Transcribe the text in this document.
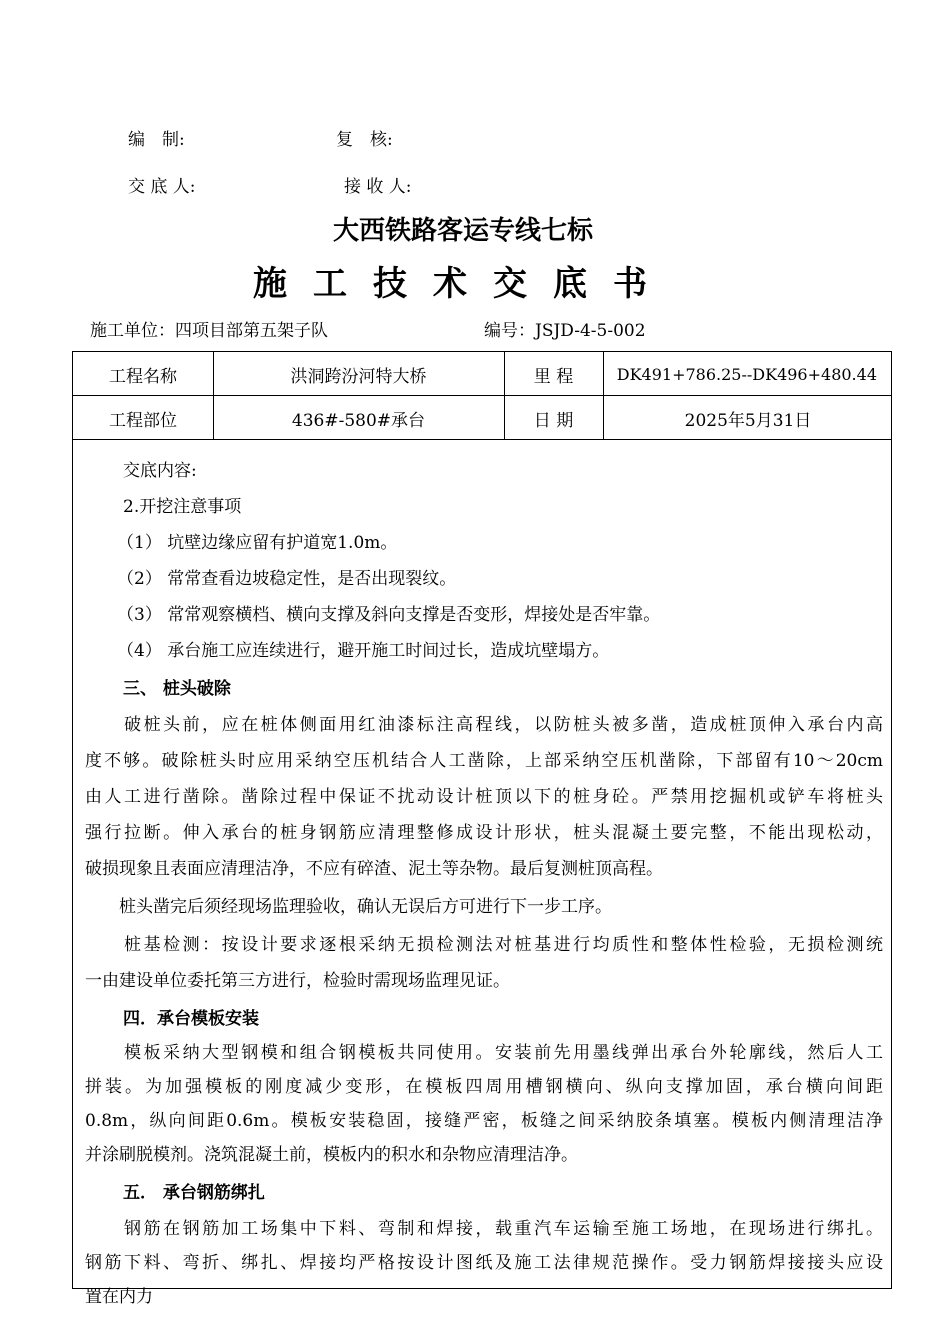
编　制:	复　核:
交 底 人:	接 收 人:
大西铁路客运专线七标
施工技术交底书
施工单位：四项目部第五架子队	编号：JSJD-4-5-002
工程名称	洪洞跨汾河特大桥	里 程	DK491+786.25--DK496+480.44
工程部位	436#-580#承台	日 期	2025年5月31日
交底内容:
2.开挖注意事项
（1） 坑壁边缘应留有护道宽1.0m。
（2） 常常查看边坡稳定性，是否出现裂纹。
（3） 常常观察横档、横向支撑及斜向支撑是否变形，焊接处是否牢靠。
（4） 承台施工应连续进行，避开施工时间过长，造成坑壁塌方。
三、 桩头破除
　　破桩头前，应在桩体侧面用红油漆标注高程线，以防桩头被多凿，造成桩顶伸入承台内高
度不够。破除桩头时应用采纳空压机结合人工凿除，上部采纳空压机凿除，下部留有10～20cm
由人工进行凿除。凿除过程中保证不扰动设计桩顶以下的桩身砼。严禁用挖掘机或铲车将桩头
强行拉断。伸入承台的桩身钢筋应清理整修成设计形状，桩头混凝土要完整，不能出现松动，
破损现象且表面应清理洁净，不应有碎渣、泥土等杂物。最后复测桩顶高程。
　　桩头凿完后须经现场监理验收，确认无误后方可进行下一步工序。
　　桩基检测：按设计要求逐根采纳无损检测法对桩基进行均质性和整体性检验，无损检测统
一由建设单位委托第三方进行，检验时需现场监理见证。
四．承台模板安装
　　模板采纳大型钢模和组合钢模板共同使用。安装前先用墨线弹出承台外轮廓线，然后人工
拼装。为加强模板的刚度减少变形，在模板四周用槽钢横向、纵向支撑加固，承台横向间距
0.8m，纵向间距0.6m。模板安装稳固，接缝严密，板缝之间采纳胶条填塞。模板内侧清理洁净
并涂刷脱模剂。浇筑混凝土前，模板内的积水和杂物应清理洁净。
五． 承台钢筋绑扎
　　钢筋在钢筋加工场集中下料、弯制和焊接，载重汽车运输至施工场地，在现场进行绑扎。
钢筋下料、弯折、绑扎、焊接均严格按设计图纸及施工法律规范操作。受力钢筋焊接接头应设
置在内力
